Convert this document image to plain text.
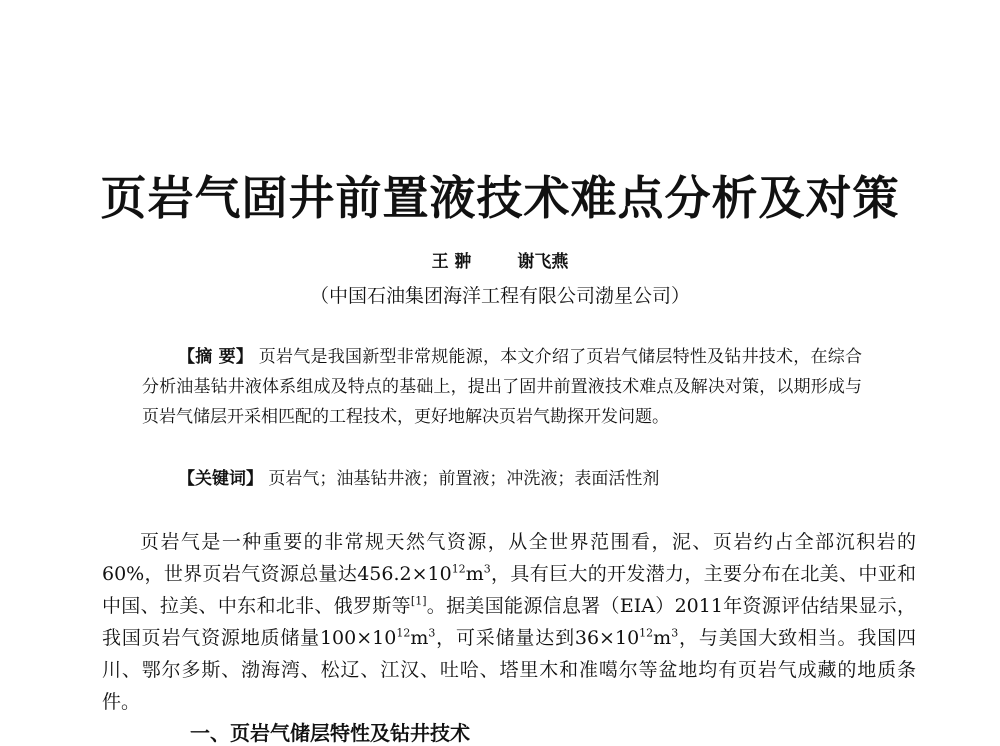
页岩气固井前置液技术难点分析及对策
王 翀	谢飞燕
（中国石油集团海洋工程有限公司渤星公司）

【摘 要】 页岩气是我国新型非常规能源，本文介绍了页岩气储层特性及钻井技术，在综合分析油基钻井液体系组成及特点的基础上，提出了固井前置液技术难点及解决对策，以期形成与页岩气储层开采相匹配的工程技术，更好地解决页岩气勘探开发问题。

【关键词】 页岩气；油基钻井液；前置液；冲洗液；表面活性剂

页岩气是一种重要的非常规天然气资源，从全世界范围看，泥、页岩约占全部沉积岩的60%，世界页岩气资源总量达$456.2\times 10^{12}m^3$，具有巨大的开发潜力，主要分布在北美、中亚和中国、拉美、中东和北非、俄罗斯等[1]。据美国能源信息署（EIA）2011年资源评估结果显示，我国页岩气资源地质储量$100\times 10^{12}m^3$，可采储量达到$36\times 10^{12}m^3$，与美国大致相当。我国四川、鄂尔多斯、渤海湾、松辽、江汉、吐哈、塔里木和准噶尔等盆地均有页岩气成藏的地质条件。

一、页岩气储层特性及钻井技术
